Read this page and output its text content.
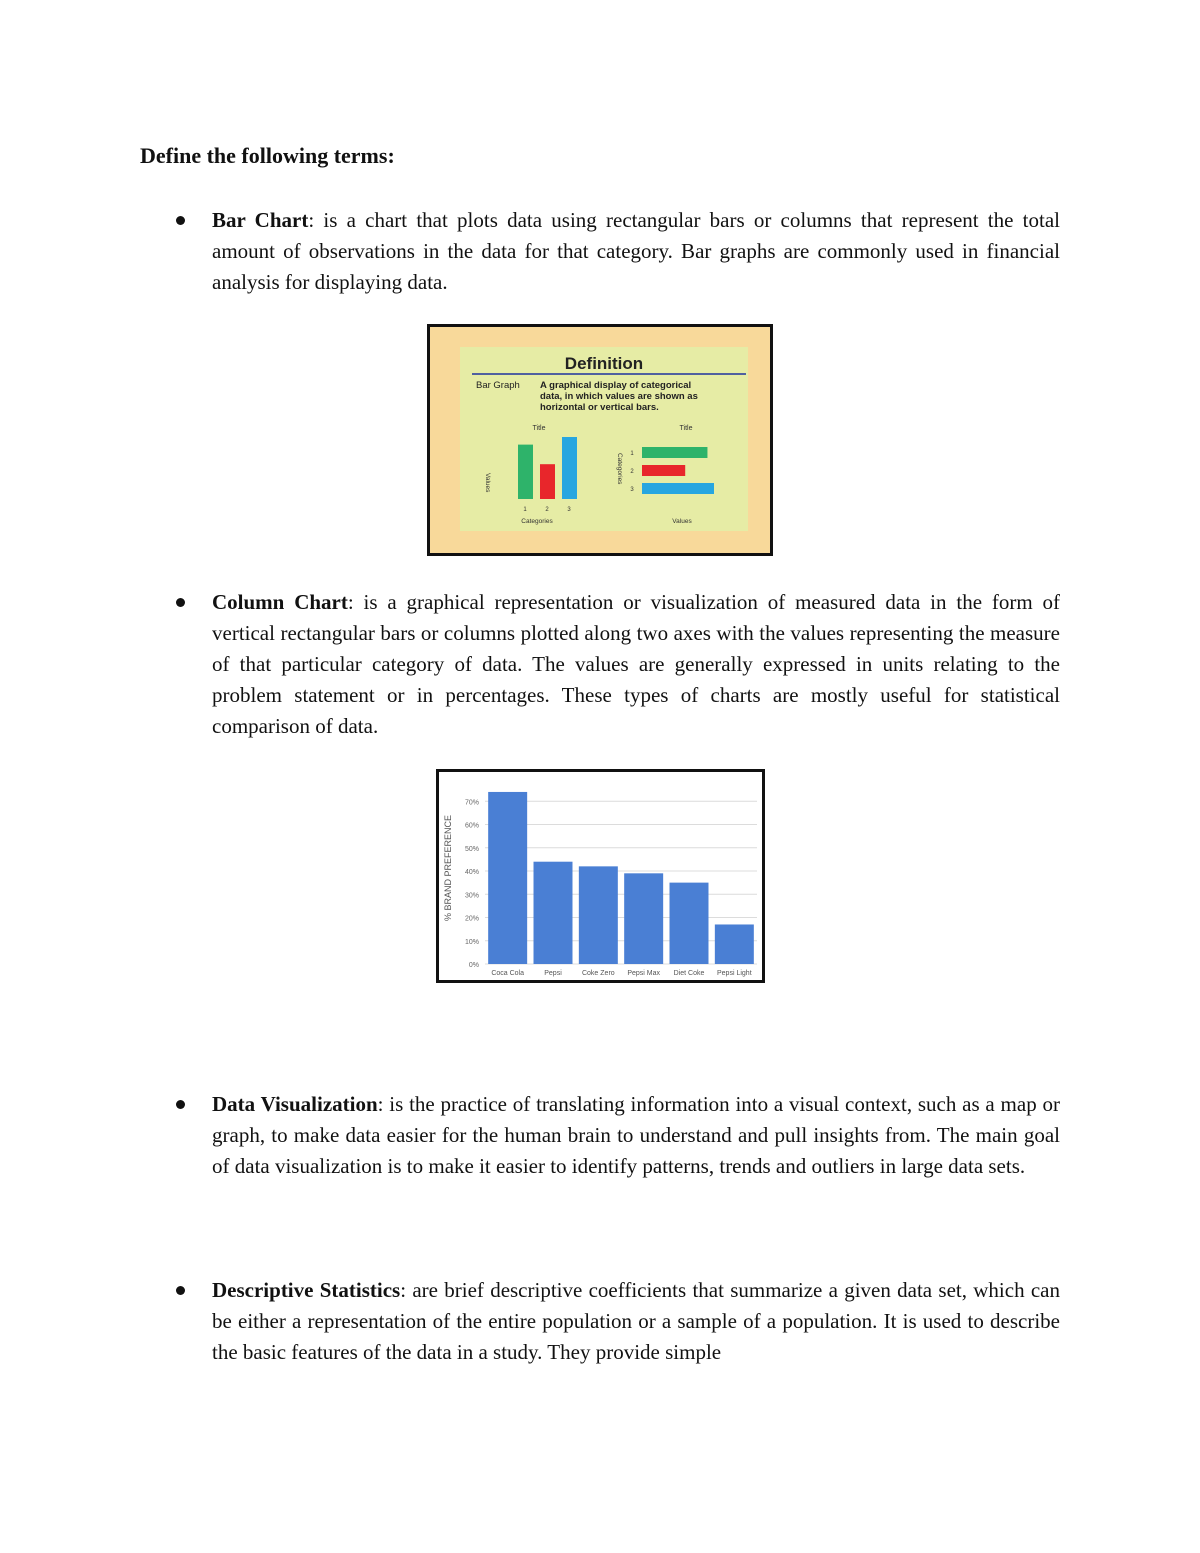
Define the following terms:
Bar Chart: is a chart that plots data using rectangular bars or columns that represent the total amount of observations in the data for that category. Bar graphs are commonly used in financial analysis for displaying data.
Definition
Bar Graph A graphical display of categorical
data, in which values are shown as
horizontal or vertical bars.
Title
Values
Categories
1	2	3
Title
Categories
Values
1
2
3
Column Chart: is a graphical representation or visualization of measured data in the form of vertical rectangular bars or columns plotted along two axes with the values representing the measure of that particular category of data. The values are generally expressed in units relating to the problem statement or in percentages. These types of charts are mostly useful for statistical comparison of data.
0%
10%
20%
30%
40%
50%
60%
70%
% BRAND PREFERENCE
Coca Cola	Pepsi	Coke Zero Pepsi Max Diet Coke Pepsi Light
Data Visualization: is the practice of translating information into a visual context, such as a map or graph, to make data easier for the human brain to understand and pull insights from. The main goal of data visualization is to make it easier to identify patterns, trends and outliers in large data sets.
Descriptive Statistics: are brief descriptive coefficients that summarize a given data set, which can be either a representation of the entire population or a sample of a population. It is used to describe the basic features of the data in a study. They provide simple
